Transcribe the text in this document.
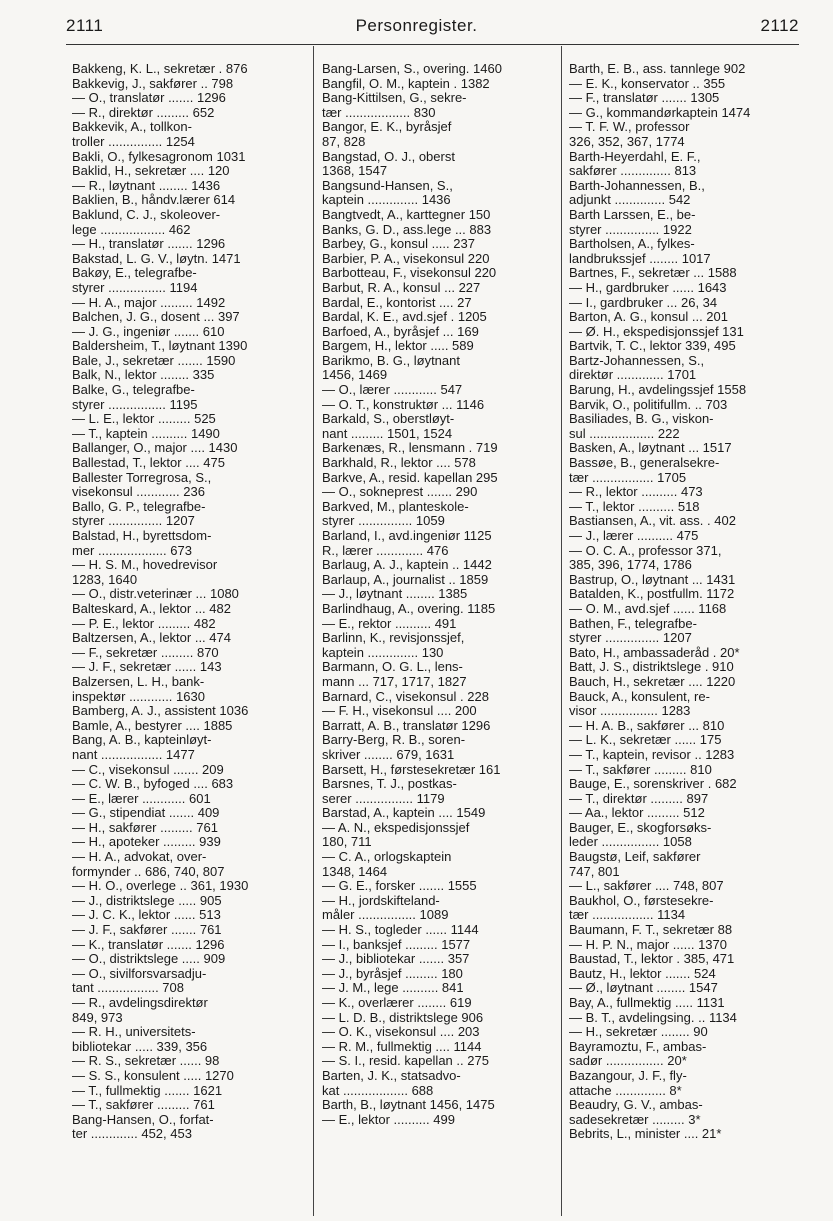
2111	Personregister.	2112
Bakkeng, K. L., sekretær . 876
Bakkevig, J., sakfører .. 798
— O., translatør ....... 1296
— R., direktør ......... 652
Bakkevik, A., tollkon-
troller ............... 1254
Bakli, O., fylkesagronom 1031
Baklid, H., sekretær .... 120
— R., løytnant ........ 1436
Baklien, B., håndv.lærer 614
Baklund, C. J., skoleover-
lege .................. 462
— H., translatør ....... 1296
Bakstad, L. G. V., løytn. 1471
Bakøy, E., telegrafbe-
styrer ................ 1194
— H. A., major ......... 1492
Balchen, J. G., dosent ... 397
— J. G., ingeniør ....... 610
Baldersheim, T., løytnant 1390
Bale, J., sekretær ....... 1590
Balk, N., lektor ........ 335
Balke, G., telegrafbe-
styrer ................ 1195
— L. E., lektor ......... 525
— T., kaptein .......... 1490
Ballanger, O., major .... 1430
Ballestad, T., lektor .... 475
Ballester Torregrosa, S.,
visekonsul ............ 236
Ballo, G. P., telegrafbe-
styrer ............... 1207
Balstad, H., byrettsdom-
mer ................... 673
— H. S. M., hovedrevisor
1283, 1640
— O., distr.veterinær ... 1080
Balteskard, A., lektor ... 482
— P. E., lektor ......... 482
Baltzersen, A., lektor ... 474
— F., sekretær ......... 870
— J. F., sekretær ...... 143
Balzersen, L. H., bank-
inspektør ............ 1630
Bamberg, A. J., assistent 1036
Bamle, A., bestyrer .... 1885
Bang, A. B., kapteinløyt-
nant ................. 1477
— C., visekonsul ....... 209
— C. W. B., byfoged .... 683
— E., lærer ............ 601
— G., stipendiat ....... 409
— H., sakfører ......... 761
— H., apoteker ......... 939
— H. A., advokat, over-
formynder .. 686, 740, 807
— H. O., overlege .. 361, 1930
— J., distriktslege ..... 905
— J. C. K., lektor ...... 513
— J. F., sakfører ....... 761
— K., translatør ....... 1296
— O., distriktslege ..... 909
— O., sivilforsvarsadju-
tant ................. 708
— R., avdelingsdirektør
849, 973
— R. H., universitets-
bibliotekar ..... 339, 356
— R. S., sekretær ...... 98
— S. S., konsulent ..... 1270
— T., fullmektig ....... 1621
— T., sakfører ......... 761
Bang-Hansen, O., forfat-
ter ............. 452, 453
Bang-Larsen, S., overing. 1460
Bangfil, O. M., kaptein . 1382
Bang-Kittilsen, G., sekre-
tær .................. 830
Bangor, E. K., byråsjef
87, 828
Bangstad, O. J., oberst
1368, 1547
Bangsund-Hansen, S.,
kaptein .............. 1436
Bangtvedt, A., karttegner 150
Banks, G. D., ass.lege ... 883
Barbey, G., konsul ..... 237
Barbier, P. A., visekonsul 220
Barbotteau, F., visekonsul 220
Barbut, R. A., konsul ... 227
Bardal, E., kontorist .... 27
Bardal, K. E., avd.sjef . 1205
Barfoed, A., byråsjef ... 169
Bargem, H., lektor ..... 589
Barikmo, B. G., løytnant
1456, 1469
— O., lærer ............ 547
— O. T., konstruktør ... 1146
Barkald, S., oberstløyt-
nant ......... 1501, 1524
Barkenæs, R., lensmann . 719
Barkhald, R., lektor .... 578
Barkve, A., resid. kapellan 295
— O., sokneprest ....... 290
Barkved, M., planteskole-
styrer ............... 1059
Barland, I., avd.ingeniør 1125
R., lærer ............. 476
Barlaug, A. J., kaptein .. 1442
Barlaup, A., journalist .. 1859
— J., løytnant ........ 1385
Barlindhaug, A., overing. 1185
— E., rektor .......... 491
Barlinn, K., revisjonssjef,
kaptein .............. 130
Barmann, O. G. L., lens-
mann ... 717, 1717, 1827
Barnard, C., visekonsul . 228
— F. H., visekonsul .... 200
Barratt, A. B., translatør 1296
Barry-Berg, R. B., soren-
skriver ........ 679, 1631
Barsett, H., førstesekretær 161
Barsnes, T. J., postkas-
serer ................ 1179
Barstad, A., kaptein .... 1549
— A. N., ekspedisjonssjef
180, 711
— C. A., orlogskaptein
1348, 1464
— G. E., forsker ....... 1555
— H., jordskifteland-
måler ................ 1089
— H. S., togleder ...... 1144
— I., banksjef ......... 1577
— J., bibliotekar ....... 357
— J., byråsjef ......... 180
— J. M., lege .......... 841
— K., overlærer ........ 619
— L. D. B., distriktslege 906
— O. K., visekonsul .... 203
— R. M., fullmektig .... 1144
— S. I., resid. kapellan .. 275
Barten, J. K., statsadvo-
kat .................. 688
Barth, B., løytnant 1456, 1475
— E., lektor .......... 499
Barth, E. B., ass. tannlege 902
— E. K., konservator .. 355
— F., translatør ....... 1305
— G., kommandørkaptein 1474
— T. F. W., professor
326, 352, 367, 1774
Barth-Heyerdahl, E. F.,
sakfører .............. 813
Barth-Johannessen, B.,
adjunkt .............. 542
Barth Larssen, E., be-
styrer ............... 1922
Bartholsen, A., fylkes-
landbrukssjef ........ 1017
Bartnes, F., sekretær ... 1588
— H., gardbruker ...... 1643
— I., gardbruker ... 26, 34
Barton, A. G., konsul ... 201
— Ø. H., ekspedisjonssjef 131
Bartvik, T. C., lektor 339, 495
Bartz-Johannessen, S.,
direktør ............. 1701
Barung, H., avdelingssjef 1558
Barvik, O., politifullm. .. 703
Basiliades, B. G., viskon-
sul .................. 222
Basken, A., løytnant ... 1517
Bassøe, B., generalsekre-
tær ................. 1705
— R., lektor .......... 473
— T., lektor .......... 518
Bastiansen, A., vit. ass. . 402
— J., lærer .......... 475
— O. C. A., professor 371,
385, 396, 1774, 1786
Bastrup, O., løytnant ... 1431
Batalden, K., postfullm. 1172
— O. M., avd.sjef ...... 1168
Bathen, F., telegrafbe-
styrer ............... 1207
Bato, H., ambassaderåd . 20*
Batt, J. S., distriktslege . 910
Bauch, H., sekretær .... 1220
Bauck, A., konsulent, re-
visor ................ 1283
— H. A. B., sakfører ... 810
— L. K., sekretær ...... 175
— T., kaptein, revisor .. 1283
— T., sakfører ......... 810
Bauge, E., sorenskriver . 682
— T., direktør ......... 897
— Aa., lektor ......... 512
Bauger, E., skogforsøks-
leder ................ 1058
Baugstø, Leif, sakfører
747, 801
— L., sakfører .... 748, 807
Baukhol, O., førstesekre-
tær ................. 1134
Baumann, F. T., sekretær 88
— H. P. N., major ...... 1370
Baustad, T., lektor . 385, 471
Bautz, H., lektor ....... 524
— Ø., løytnant ........ 1547
Bay, A., fullmektig ..... 1131
— B. T., avdelingsing. .. 1134
— H., sekretær ........ 90
Bayramoztu, F., ambas-
sadør ................ 20*
Bazangour, J. F., fly-
attache .............. 8*
Beaudry, G. V., ambas-
sadesekretær ......... 3*
Bebrits, L., minister .... 21*
